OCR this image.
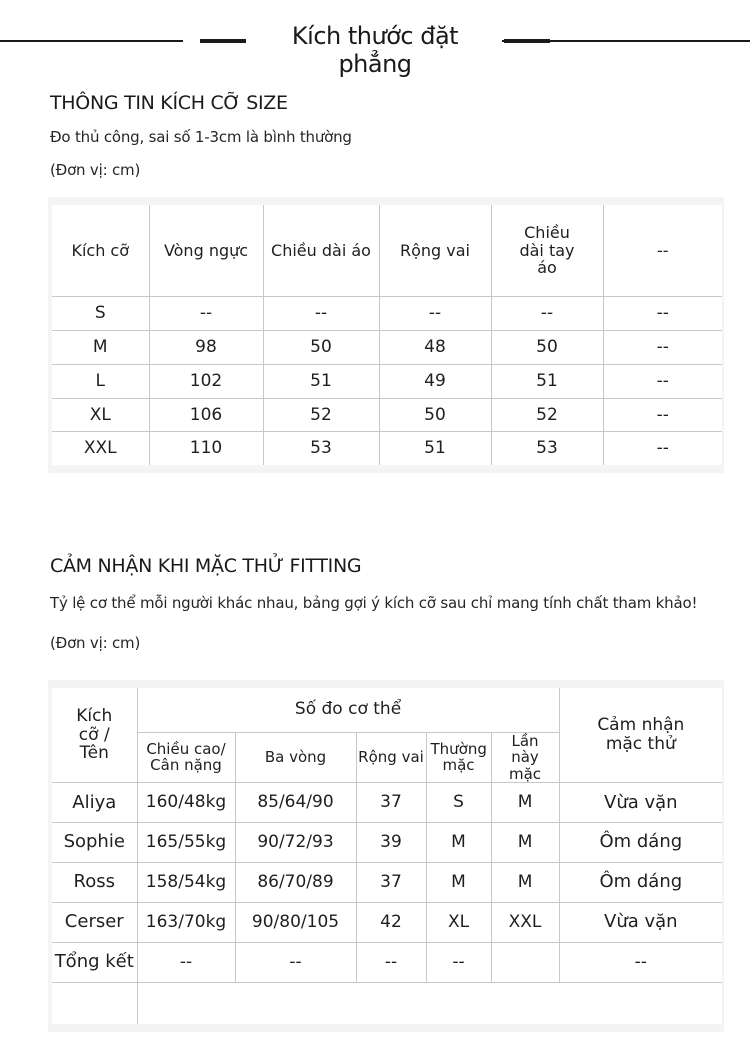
Kích thước đặt phẳng
THÔNG TIN KÍCH CỠ SIZE
Đo thủ công, sai số 1-3cm là bình thường
(Đơn vị: cm)
Kích cỡ	Vòng ngực	Chiều dài áo	Rộng vai	Chiều dài tay áo	--
S	--	--	--	--	--
M	98	50	48	50	--
L	102	51	49	51	--
XL	106	52	50	52	--
XXL	110	53	51	53	--
CẢM NHẬN KHI MẶC THỬ FITTING
Tỷ lệ cơ thể mỗi người khác nhau, bảng gợi ý kích cỡ sau chỉ mang tính chất tham khảo!
(Đơn vị: cm)
Kích cỡ / Tên	Số đo cơ thể					Cảm nhận mặc thử
	Chiều cao/ Cân nặng	Ba vòng	Rộng vai	Thường mặc	Lần này mặc	
Aliya	160/48kg	85/64/90	37	S	M	Vừa vặn
Sophie	165/55kg	90/72/93	39	M	M	Ôm dáng
Ross	158/54kg	86/70/89	37	M	M	Ôm dáng
Cerser	163/70kg	90/80/105	42	XL	XXL	Vừa vặn
Tổng kết	--	--	--	--		--
